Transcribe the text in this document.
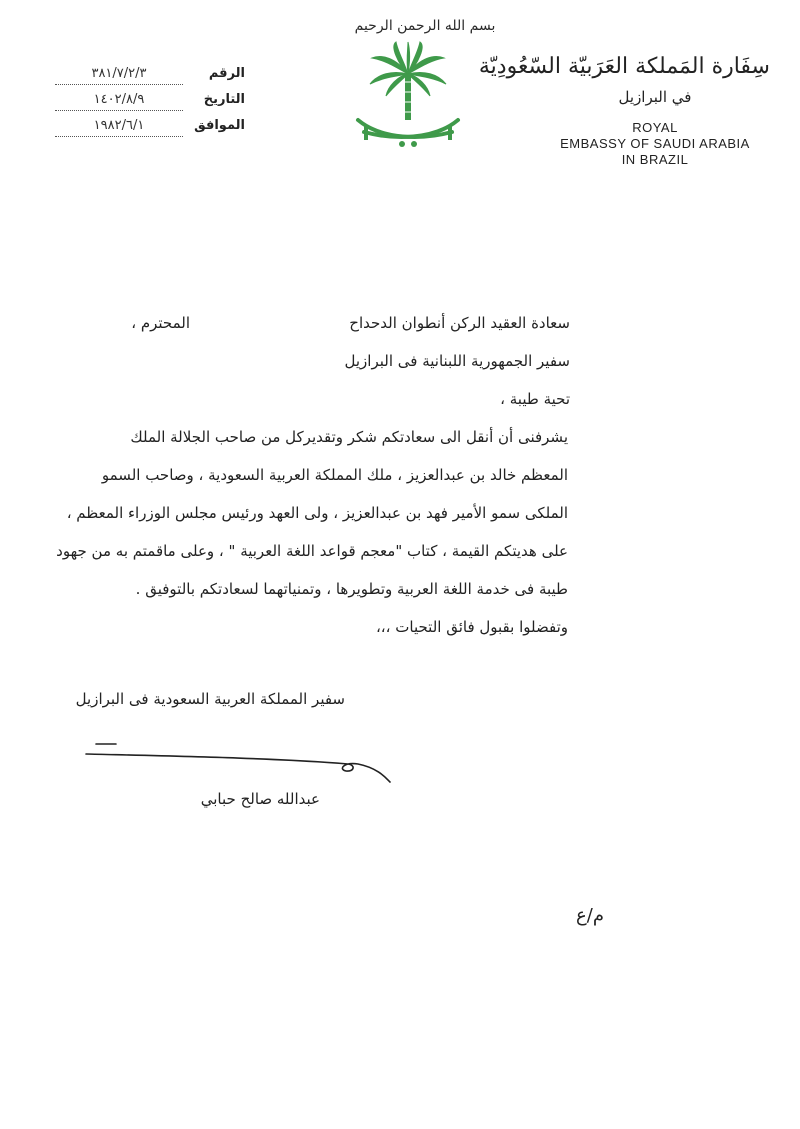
بسم الله الرحمن الرحيم
سِفَارة المَملكة العَرَبيّة السّعُودِيّة
في البرازيل
ROYAL
EMBASSY OF SAUDI ARABIA
IN BRAZIL
الرقم
٣٨١/٧/٢/٣
التاريخ
١٤٠٢/٨/٩
الموافق
١٩٨٢/٦/١
سعادة العقيد الركن أنطوان الدحداح
المحترم ،
سفير الجمهورية اللبنانية فى البرازيل
تحية طيبة ،
يشرفنى أن أنقل الى سعادتكم شكر وتقديركل من صاحب الجلالة الملك
المعظم خالد بن عبدالعزيز ، ملك المملكة العربية السعودية ، وصاحب السمو
الملكى سمو الأمير فهد بن عبدالعزيز ، ولى العهد ورئيس مجلس الوزراء المعظم ،
على هديتكم القيمة ، كتاب "معجم قواعد اللغة العربية " ، وعلى ماقمتم به من جهود
طيبة فى خدمة اللغة العربية وتطويرها ، وتمنياتهما لسعادتكم بالتوفيق .
وتفضلوا بقبول فائق التحيات ،،،
سفير المملكة العربية السعودية فى البرازيل
عبدالله صالح حبابي
م/ع
